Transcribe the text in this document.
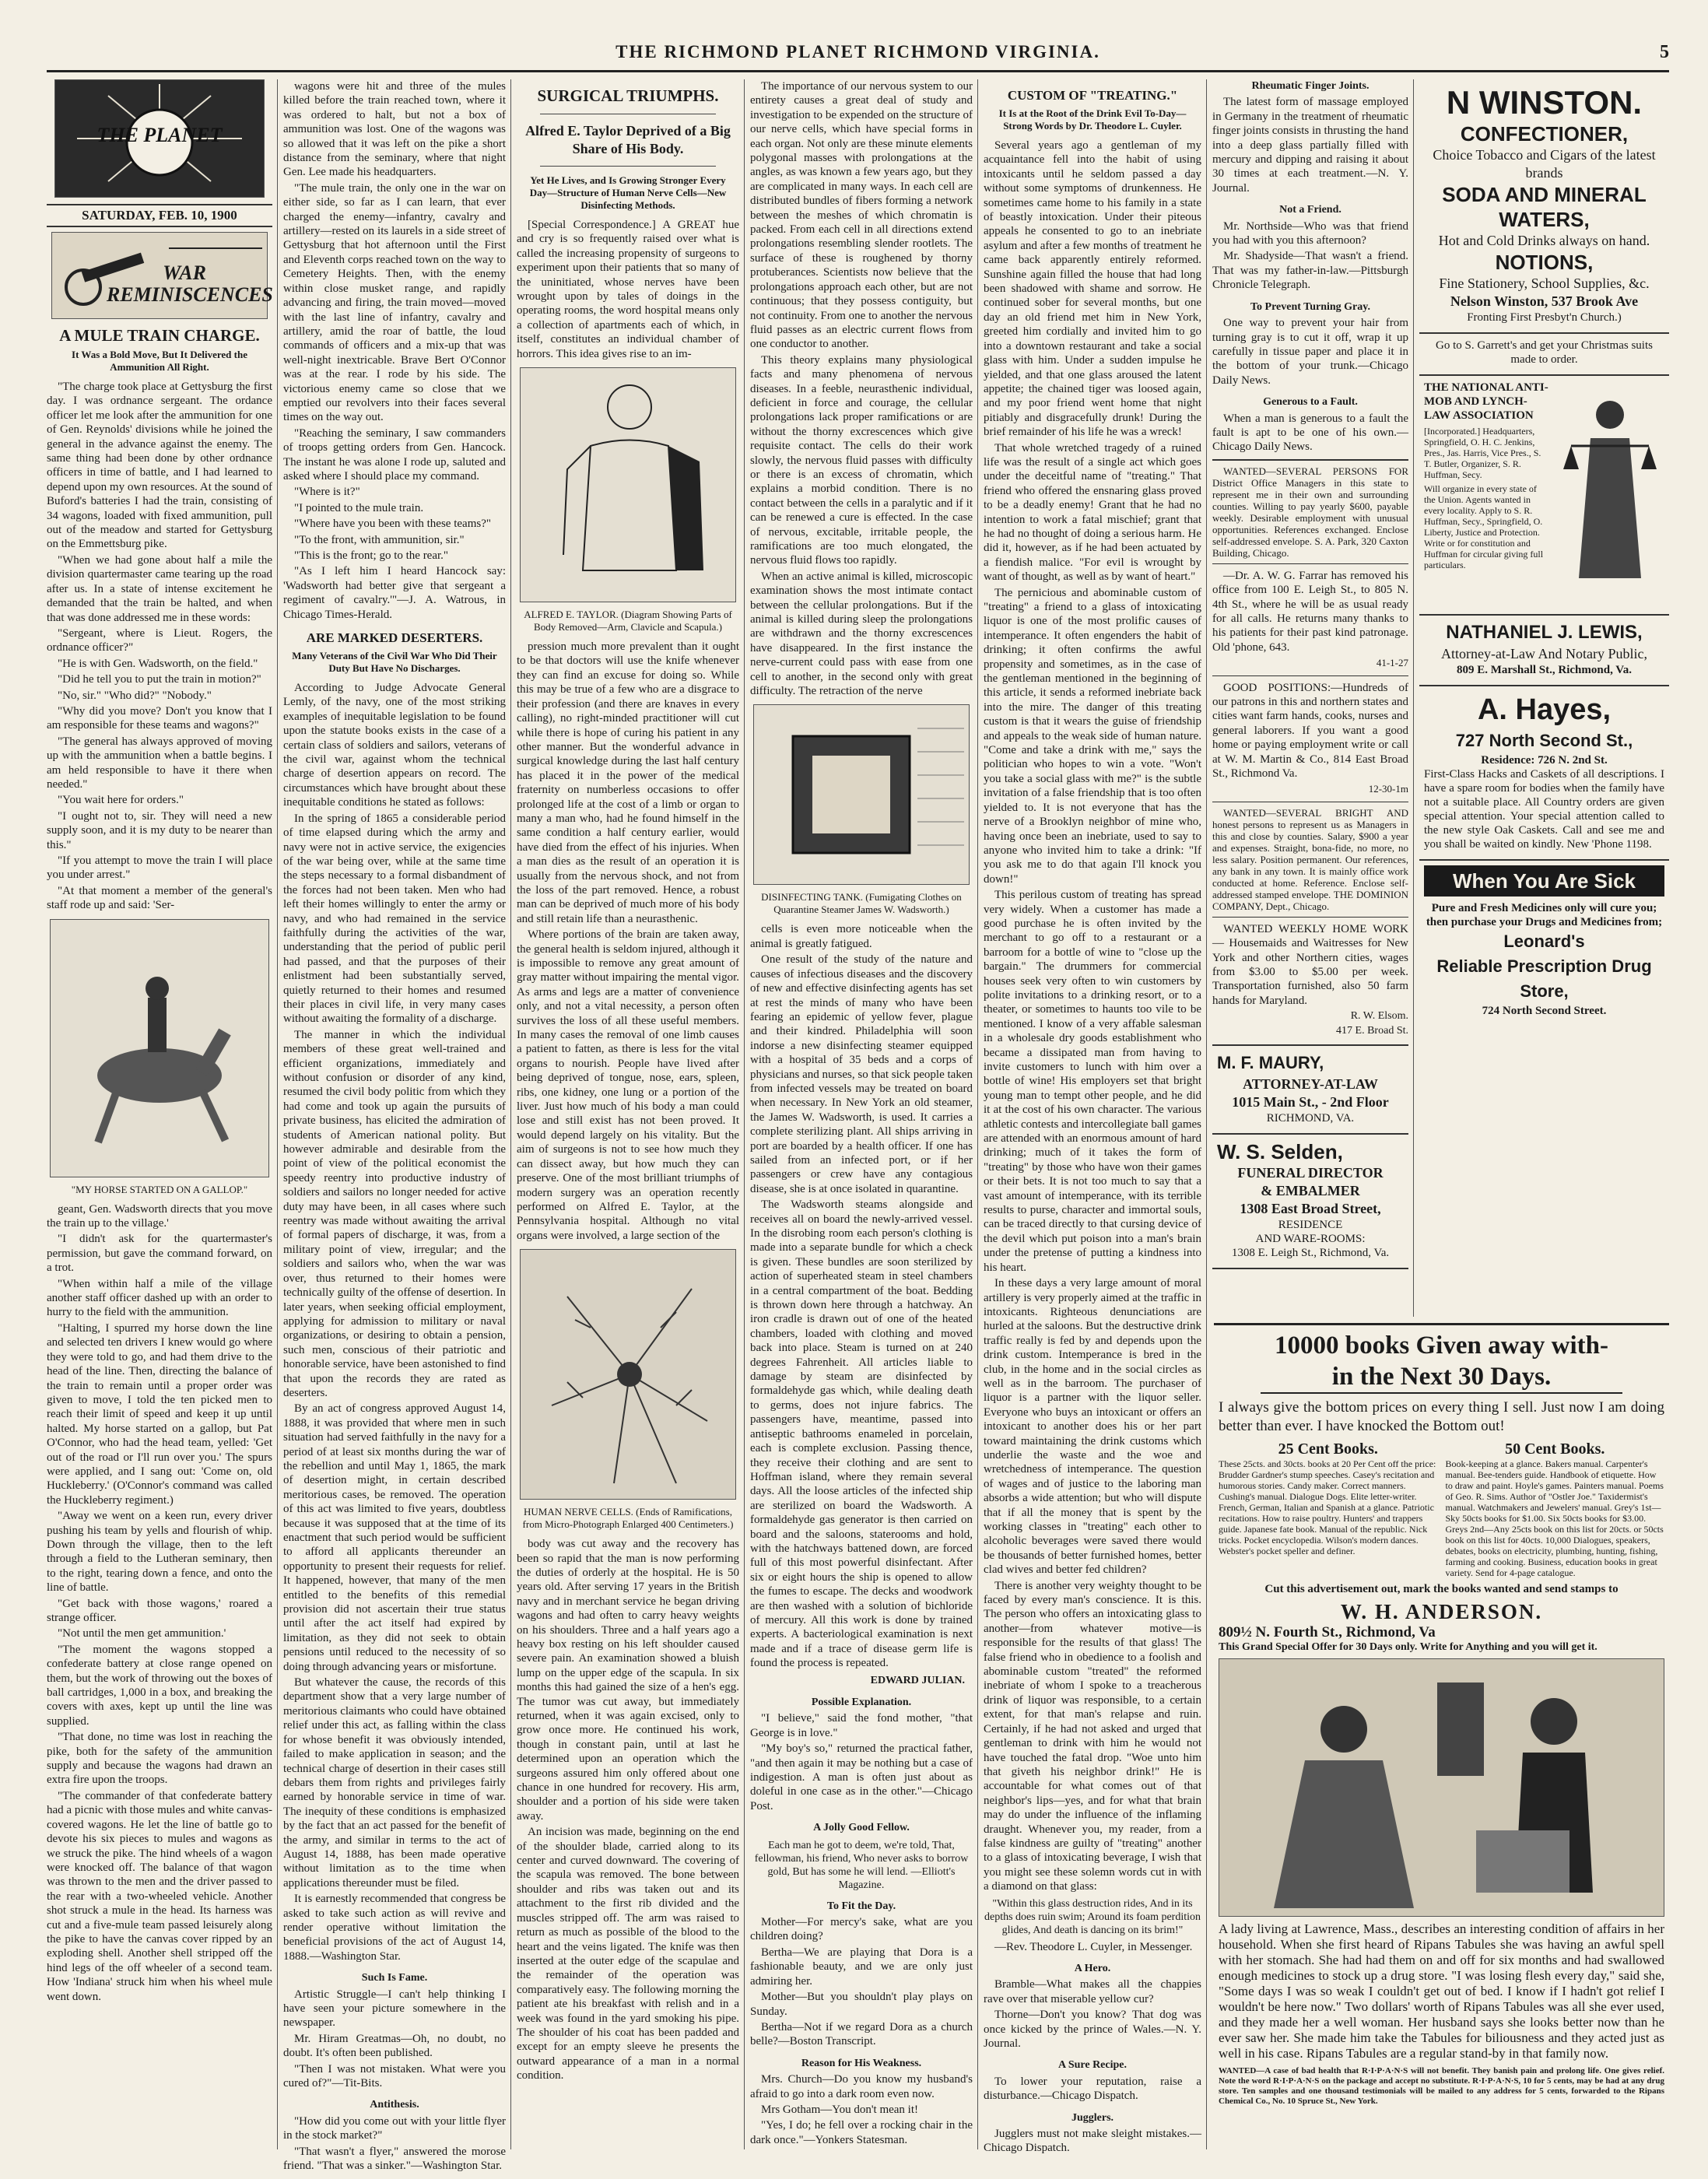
THE RICHMOND PLANET RICHMOND VIRGINIA.	5
THE PLANET
SATURDAY, FEB. 10, 1900
WAR REMINISCENCES
A MULE TRAIN CHARGE.
It Was a Bold Move, But It Delivered the Ammunition All Right.

"The charge took place at Gettysburg the first day. I was ordnance sergeant. The ordance officer let me look after the ammunition for one of Gen. Reynolds' divisions while he joined the general in the advance against the enemy. The same thing had been done by other ordnance officers in time of battle, and I had learned to depend upon my own resources. At the sound of Buford's batteries I had the train, consisting of 34 wagons, loaded with fixed ammunition, pull out of the meadow and started for Gettysburg on the Emmettsburg pike.

"When we had gone about half a mile the division quartermaster came tearing up the road after us. In a state of intense excitement he demanded that the train be halted, and when that was done addressed me in these words:

"Sergeant, where is Lieut. Rogers, the ordnance officer?"

"He is with Gen. Wadsworth, on the field."

"Did he tell you to put the train in motion?"

"No, sir." "Who did?" "Nobody."

"Why did you move? Don't you know that I am responsible for these teams and wagons?"

"The general has always approved of moving up with the ammunition when a battle begins. I am held responsible to have it there when needed."

"You wait here for orders."

"I ought not to, sir. They will need a new supply soon, and it is my duty to be nearer than this."

"If you attempt to move the train I will place you under arrest."

"At that moment a member of the general's staff rode up and said: 'Ser-

"MY HORSE STARTED ON A GALLOP."

geant, Gen. Wadsworth directs that you move the train up to the village.'

"I didn't ask for the quartermaster's permission, but gave the command forward, on a trot.

"When within half a mile of the village another staff officer dashed up with an order to hurry to the field with the ammunition.

"Halting, I spurred my horse down the line and selected ten drivers I knew would go where they were told to go, and had them drive to the head of the line. Then, directing the balance of the train to remain until a proper order was given to move, I told the ten picked men to reach their limit of speed and keep it up until halted. My horse started on a gallop, but Pat O'Connor, who had the head team, yelled: 'Get out of the road or I'll run over you.' The spurs were applied, and I sang out: 'Come on, old Huckleberry.' (O'Connor's command was called the Huckleberry regiment.)

"Away we went on a keen run, every driver pushing his team by yells and flourish of whip. Down through the village, then to the left through a field to the Lutheran seminary, then to the right, tearing down a fence, and onto the line of battle.

"Get back with those wagons,' roared a strange officer.

"Not until the men get ammunition.'

"The moment the wagons stopped a confederate battery at close range opened on them, but the work of throwing out the boxes of ball cartridges, 1,000 in a box, and breaking the covers with axes, kept up until the line was supplied.

"That done, no time was lost in reaching the pike, both for the safety of the ammunition supply and because the wagons had drawn an extra fire upon the troops.

"The commander of that confederate battery had a picnic with those mules and white canvas-covered wagons. He let the line of battle go to devote his six pieces to mules and wagons as we struck the pike. The hind wheels of a wagon were knocked off. The balance of that wagon was thrown to the men and the driver passed to the rear with a two-wheeled vehicle. Another shot struck a mule in the head. Its harness was cut and a five-mule team passed leisurely along the pike to have the canvas cover ripped by an exploding shell. Another shell stripped off the hind legs of the off wheeler of a second team. How 'Indiana' struck him when his wheel mule went down.

wagons were hit and three of the mules killed before the train reached town, where it was ordered to halt, but not a box of ammunition was lost. One of the wagons was so allowed that it was left on the pike a short distance from the seminary, where that night Gen. Lee made his headquarters.

"The mule train, the only one in the war on either side, so far as I can learn, that ever charged the enemy—infantry, cavalry and artillery—rested on its laurels in a side street of Gettysburg that hot afternoon until the First and Eleventh corps reached town on the way to Cemetery Heights. Then, with the enemy within close musket range, and rapidly advancing and firing, the train moved—moved with the last line of infantry, cavalry and artillery, amid the roar of battle, the loud commands of officers and a mix-up that was well-night inextricable. Brave Bert O'Connor was at the rear. I rode by his side. The victorious enemy came so close that we emptied our revolvers into their faces several times on the way out.

"Reaching the seminary, I saw commanders of troops getting orders from Gen. Hancock. The instant he was alone I rode up, saluted and asked where I should place my command.

"Where is it?"

"I pointed to the mule train.

"Where have you been with these teams?"

"To the front, with ammunition, sir."

"This is the front; go to the rear."

"As I left him I heard Hancock say: 'Wadsworth had better give that sergeant a regiment of cavalry.'"—J. A. Watrous, in Chicago Times-Herald.

ARE MARKED DESERTERS.
Many Veterans of the Civil War Who Did Their Duty But Have No Discharges.

According to Judge Advocate General Lemly, of the navy, one of the most striking examples of inequitable legislation to be found upon the statute books exists in the case of a certain class of soldiers and sailors, veterans of the civil war, against whom the technical charge of desertion appears on record. The circumstances which have brought about these inequitable conditions he stated as follows:

In the spring of 1865 a considerable period of time elapsed during which the army and navy were not in active service, the exigencies of the war being over, while at the same time the steps necessary to a formal disbandment of the forces had not been taken. Men who had left their homes willingly to enter the army or navy, and who had remained in the service faithfully during the activities of the war, understanding that the period of public peril had passed, and that the purposes of their enlistment had been substantially served, quietly returned to their homes and resumed their places in civil life, in very many cases without awaiting the formality of a discharge.

The manner in which the individual members of these great well-trained and efficient organizations, immediately and without confusion or disorder of any kind, resumed the civil body politic from which they had come and took up again the pursuits of private business, has elicited the admiration of students of American national polity. But however admirable and desirable from the point of view of the political economist the speedy reentry into productive industry of soldiers and sailors no longer needed for active duty may have been, in all cases where such reentry was made without awaiting the arrival of formal papers of discharge, it was, from a military point of view, irregular; and the soldiers and sailors who, when the war was over, thus returned to their homes were technically guilty of the offense of desertion. In later years, when seeking official employment, applying for admission to military or naval organizations, or desiring to obtain a pension, such men, conscious of their patriotic and honorable service, have been astonished to find that upon the records they are rated as deserters.

By an act of congress approved August 14, 1888, it was provided that where men in such situation had served faithfully in the navy for a period of at least six months during the war of the rebellion and until May 1, 1865, the mark of desertion might, in certain described meritorious cases, be removed. The operation of this act was limited to five years, doubtless because it was supposed that at the time of its enactment that such period would be sufficient to afford all applicants thereunder an opportunity to present their requests for relief. It happened, however, that many of the men entitled to the benefits of this remedial provision did not ascertain their true status until after the act itself had expired by limitation, as they did not seek to obtain pensions until reduced to the necessity of so doing through advancing years or misfortune.

But whatever the cause, the records of this department show that a very large number of meritorious claimants who could have obtained relief under this act, as falling within the class for whose benefit it was obviously intended, failed to make application in season; and the technical charge of desertion in their cases still debars them from rights and privileges fairly earned by honorable service in time of war. The inequity of these conditions is emphasized by the fact that an act passed for the benefit of the army, and similar in terms to the act of August 14, 1888, has been made operative without limitation as to the time when applications thereunder must be filed.

It is earnestly recommended that congress be asked to take such action as will revive and render operative without limitation the beneficial provisions of the act of August 14, 1888.—Washington Star.

Such Is Fame.

Artistic Struggle—I can't help thinking I have seen your picture somewhere in the newspaper.

Mr. Hiram Greatmas—Oh, no doubt, no doubt. It's often been published.

"Then I was not mistaken. What were you cured of?"—Tit-Bits.

Antithesis.

"How did you come out with your little flyer in the stock market?"

"That wasn't a flyer," answered the morose friend. "That was a sinker."—Washington Star.

SURGICAL TRIUMPHS.
Alfred E. Taylor Deprived of a Big Share of His Body.
Yet He Lives, and Is Growing Stronger Every Day—Structure of Human Nerve Cells—New Disinfecting Methods.

[Special Correspondence.] A GREAT hue and cry is so frequently raised over what is called the increasing propensity of surgeons to experiment upon their patients that so many of the uninitiated, whose nerves have been wrought upon by tales of doings in the operating rooms, the word hospital means only a collection of apartments each of which, in itself, constitutes an individual chamber of horrors. This idea gives rise to an im-

ALFRED E. TAYLOR. (Diagram Showing Parts of Body Removed—Arm, Clavicle and Scapula.)

pression much more prevalent than it ought to be that doctors will use the knife whenever they can find an excuse for doing so. While this may be true of a few who are a disgrace to their profession (and there are knaves in every calling), no right-minded practitioner will cut while there is hope of curing his patient in any other manner. But the wonderful advance in surgical knowledge during the last half century has placed it in the power of the medical fraternity on numberless occasions to offer prolonged life at the cost of a limb or organ to many a man who, had he found himself in the same condition a half century earlier, would have died from the effect of his injuries. When a man dies as the result of an operation it is usually from the nervous shock, and not from the loss of the part removed. Hence, a robust man can be deprived of much more of his body and still retain life than a neurasthenic.

Where portions of the brain are taken away, the general health is seldom injured, although it is impossible to remove any great amount of gray matter without impairing the mental vigor. As arms and legs are a matter of convenience only, and not a vital necessity, a person often survives the loss of all these useful members. In many cases the removal of one limb causes a patient to fatten, as there is less for the vital organs to nourish. People have lived after being deprived of tongue, nose, ears, spleen, ribs, one kidney, one lung or a portion of the liver. Just how much of his body a man could lose and still exist has not been proved. It would depend largely on his vitality. But the aim of surgeons is not to see how much they can dissect away, but how much they can preserve. One of the most brilliant triumphs of modern surgery was an operation recently performed on Alfred E. Taylor, at the Pennsylvania hospital. Although no vital organs were involved, a large section of the

HUMAN NERVE CELLS. (Ends of Ramifications, from Micro-Photograph Enlarged 400 Centimeters.)

body was cut away and the recovery has been so rapid that the man is now performing the duties of orderly at the hospital. He is 50 years old. After serving 17 years in the British navy and in merchant service he began driving wagons and had often to carry heavy weights on his shoulders. Three and a half years ago a heavy box resting on his left shoulder caused severe pain. An examination showed a bluish lump on the upper edge of the scapula. In six months this had gained the size of a hen's egg. The tumor was cut away, but immediately returned, when it was again excised, only to grow once more. He continued his work, though in constant pain, until at last he determined upon an operation which the surgeons assured him only offered about one chance in one hundred for recovery. His arm, shoulder and a portion of his side were taken away.

An incision was made, beginning on the end of the shoulder blade, carried along to its center and curved downward. The covering of the scapula was removed. The bone between shoulder and ribs was taken out and its attachment to the first rib divided and the muscles stripped off. The arm was raised to return as much as possible of the blood to the heart and the veins ligated. The knife was then inserted at the outer edge of the scapulae and the remainder of the operation was comparatively easy. The following morning the patient ate his breakfast with relish and in a week was found in the yard smoking his pipe. The shoulder of his coat has been padded and except for an empty sleeve he presents the outward appearance of a man in a normal condition.

The importance of our nervous system to our entirety causes a great deal of study and investigation to be expended on the structure of our nerve cells, which have special forms in each organ. Not only are these minute elements polygonal masses with prolongations at the angles, as was known a few years ago, but they are complicated in many ways. In each cell are distributed bundles of fibers forming a network between the meshes of which chromatin is packed. From each cell in all directions extend prolongations resembling slender rootlets. The surface of these is roughened by thorny protuberances. Scientists now believe that the prolongations approach each other, but are not continuous; that they possess contiguity, but not continuity. From one to another the nervous fluid passes as an electric current flows from one conductor to another.

This theory explains many physiological facts and many phenomena of nervous diseases. In a feeble, neurasthenic individual, deficient in force and courage, the cellular prolongations lack proper ramifications or are without the thorny excrescences which give requisite contact. The cells do their work slowly, the nervous fluid passes with difficulty or there is an excess of chromatin, which explains a morbid condition. There is no contact between the cells in a paralytic and if it can be renewed a cure is effected. In the case of nervous, excitable, irritable people, the ramifications are too much elongated, the nervous fluid flows too rapidly.

When an active animal is killed, microscopic examination shows the most intimate contact between the cellular prolongations. But if the animal is killed during sleep the prolongations are withdrawn and the thorny excrescences have disappeared. In the first instance the nerve-current could pass with ease from one cell to another, in the second only with great difficulty. The retraction of the nerve

DISINFECTING TANK. (Fumigating Clothes on Quarantine Steamer James W. Wadsworth.)

cells is even more noticeable when the animal is greatly fatigued.

One result of the study of the nature and causes of infectious diseases and the discovery of new and effective disinfecting agents has set at rest the minds of many who have been fearing an epidemic of yellow fever, plague and their kindred. Philadelphia will soon indorse a new disinfecting steamer equipped with a hospital of 35 beds and a corps of physicians and nurses, so that sick people taken from infected vessels may be treated on board when necessary. In New York an old steamer, the James W. Wadsworth, is used. It carries a complete sterilizing plant. All ships arriving in port are boarded by a health officer. If one has sailed from an infected port, or if her passengers or crew have any contagious disease, she is at once isolated in quarantine.

The Wadsworth steams alongside and receives all on board the newly-arrived vessel. In the disrobing room each person's clothing is made into a separate bundle for which a check is given. These bundles are soon sterilized by action of superheated steam in steel chambers in a central compartment of the boat. Bedding is thrown down here through a hatchway. An iron cradle is drawn out of one of the heated chambers, loaded with clothing and moved back into place. Steam is turned on at 240 degrees Fahrenheit. All articles liable to damage by steam are disinfected by formaldehyde gas which, while dealing death to germs, does not injure fabrics. The passengers have, meantime, passed into antiseptic bathrooms enameled in porcelain, each is complete exclusion. Passing thence, they receive their clothing and are sent to Hoffman island, where they remain several days. All the loose articles of the infected ship are sterilized on board the Wadsworth. A formaldehyde gas generator is then carried on board and the saloons, staterooms and hold, with the hatchways battened down, are forced full of this most powerful disinfectant. After six or eight hours the ship is opened to allow the fumes to escape. The decks and woodwork are then washed with a solution of bichloride of mercury. All this work is done by trained experts. A bacteriological examination is next made and if a trace of disease germ life is found the process is repeated.

EDWARD JULIAN.
Possible Explanation.

"I believe," said the fond mother, "that George is in love."

"My boy's so," returned the practical father, "and then again it may be nothing but a case of indigestion. A man is often just about as doleful in one case as in the other."—Chicago Post.

A Jolly Good Fellow.
Each man he got to deem, we're told, That, fellowman, his friend, Who never asks to borrow gold, But has some he will lend. —Elliott's Magazine.
To Fit the Day.

Mother—For mercy's sake, what are you children doing?

Bertha—We are playing that Dora is a fashionable beauty, and we are only just admiring her.

Mother—But you shouldn't play plays on Sunday.

Bertha—Not if we regard Dora as a church belle?—Boston Transcript.

Reason for His Weakness.

Mrs. Church—Do you know my husband's afraid to go into a dark room even now.

Mrs Gotham—You don't mean it!

"Yes, I do; he fell over a rocking chair in the dark once."—Yonkers Statesman.

CUSTOM OF "TREATING."
It Is at the Root of the Drink Evil To-Day—Strong Words by Dr. Theodore L. Cuyler.

Several years ago a gentleman of my acquaintance fell into the habit of using intoxicants until he seldom passed a day without some symptoms of drunkenness. He sometimes came home to his family in a state of beastly intoxication. Under their piteous appeals he consented to go to an inebriate asylum and after a few months of treatment he came back apparently entirely reformed. Sunshine again filled the house that had long been shadowed with shame and sorrow. He continued sober for several months, but one day an old friend met him in New York, greeted him cordially and invited him to go into a downtown restaurant and take a social glass with him. Under a sudden impulse he yielded, and that one glass aroused the latent appetite; the chained tiger was loosed again, and my poor friend went home that night pitiably and disgracefully drunk! During the brief remainder of his life he was a wreck!

That whole wretched tragedy of a ruined life was the result of a single act which goes under the deceitful name of "treating." That friend who offered the ensnaring glass proved to be a deadly enemy! Grant that he had no intention to work a fatal mischief; grant that he had no thought of doing a serious harm. He did it, however, as if he had been actuated by a fiendish malice. "For evil is wrought by want of thought, as well as by want of heart."

The pernicious and abominable custom of "treating" a friend to a glass of intoxicating liquor is one of the most prolific causes of intemperance. It often engenders the habit of drinking; it often confirms the awful propensity and sometimes, as in the case of the gentleman mentioned in the beginning of this article, it sends a reformed inebriate back into the mire. The danger of this treating custom is that it wears the guise of friendship and appeals to the weak side of human nature. "Come and take a drink with me," says the politician who hopes to win a vote. "Won't you take a social glass with me?" is the subtle invitation of a false friendship that is too often yielded to. It is not everyone that has the nerve of a Brooklyn neighbor of mine who, having once been an inebriate, used to say to anyone who invited him to take a drink: "If you ask me to do that again I'll knock you down!"

This perilous custom of treating has spread very widely. When a customer has made a good purchase he is often invited by the merchant to go off to a restaurant or a barroom for a bottle of wine to "close up the bargain." The drummers for commercial houses seek very often to win customers by polite invitations to a drinking resort, or to a theater, or sometimes to haunts too vile to be mentioned. I know of a very affable salesman in a wholesale dry goods establishment who became a dissipated man from having to invite customers to lunch with him over a bottle of wine! His employers set that bright young man to tempt other people, and he did it at the cost of his own character. The various athletic contests and intercollegiate ball games are attended with an enormous amount of hard drinking; much of it takes the form of "treating" by those who have won their games or their bets. It is not too much to say that a vast amount of intemperance, with its terrible results to purse, character and immortal souls, can be traced directly to that cursing device of the devil which put poison into a man's brain under the pretense of putting a kindness into his heart.

In these days a very large amount of moral artillery is very properly aimed at the traffic in intoxicants. Righteous denunciations are hurled at the saloons. But the destructive drink traffic really is fed by and depends upon the drink custom. Intemperance is bred in the club, in the home and in the social circles as well as in the barroom. The purchaser of liquor is a partner with the liquor seller. Everyone who buys an intoxicant or offers an intoxicant to another does his or her part toward maintaining the drink customs which underlie the waste and the woe and wretchedness of intemperance. The question of wages and of justice to the laboring man absorbs a wide attention; but who will dispute that if all the money that is spent by the working classes in "treating" each other to alcoholic beverages were saved there would be thousands of better furnished homes, better clad wives and better fed children?

There is another very weighty thought to be faced by every man's conscience. It is this. The person who offers an intoxicating glass to another—from whatever motive—is responsible for the results of that glass! The false friend who in obedience to a foolish and abominable custom "treated" the reformed inebriate of whom I spoke to a treacherous drink of liquor was responsible, to a certain extent, for that man's relapse and ruin. Certainly, if he had not asked and urged that gentleman to drink with him he would not have touched the fatal drop. "Woe unto him that giveth his neighbor drink!" He is accountable for what comes out of that neighbor's lips—yes, and for what that brain may do under the influence of the inflaming draught. Whenever you, my reader, from a false kindness are guilty of "treating" another to a glass of intoxicating beverage, I wish that you might see these solemn words cut in with a diamond on that glass:

"Within this glass destruction rides, And in its depths does ruin swim; Around its foam perdition glides, And death is dancing on its brim!"

—Rev. Theodore L. Cuyler, in Messenger.

A Hero.

Bramble—What makes all the chappies rave over that miserable yellow cur?

Thorne—Don't you know? That dog was once kicked by the prince of Wales.—N. Y. Journal.

A Sure Recipe.

To lower your reputation, raise a disturbance.—Chicago Dispatch.

Jugglers.

Jugglers must not make sleight mistakes.—Chicago Dispatch.

Rheumatic Finger Joints.

The latest form of massage employed in Germany in the treatment of rheumatic finger joints consists in thrusting the hand into a deep glass partially filled with mercury and dipping and raising it about 30 times at each treatment.—N. Y. Journal.

Not a Friend.

Mr. Northside—Who was that friend you had with you this afternoon?

Mr. Shadyside—That wasn't a friend. That was my father-in-law.—Pittsburgh Chronicle Telegraph.

To Prevent Turning Gray.

One way to prevent your hair from turning gray is to cut it off, wrap it up carefully in tissue paper and place it in the bottom of your trunk.—Chicago Daily News.

Generous to a Fault.

When a man is generous to a fault the fault is apt to be one of his own.—Chicago Daily News.

WANTED—SEVERAL PERSONS FOR District Office Managers in this state to represent me in their own and surrounding counties. Willing to pay yearly $600, payable weekly. Desirable employment with unusual opportunities. References exchanged. Enclose self-addressed envelope. S. A. Park, 320 Caxton Building, Chicago.

—Dr. A. W. G. Farrar has removed his office from 100 E. Leigh St., to 805 N. 4th St., where he will be as usual ready for all calls. He returns many thanks to his patients for their past kind patronage. Old 'phone, 643.

41-1-27

GOOD POSITIONS:—Hundreds of our patrons in this and northern states and cities want farm hands, cooks, nurses and general laborers. If you want a good home or paying employment write or call at W. M. Martin & Co., 814 East Broad St., Richmond Va.

12-30-1m

WANTED—SEVERAL BRIGHT AND honest persons to represent us as Managers in this and close by counties. Salary, $900 a year and expenses. Straight, bona-fide, no more, no less salary. Position permanent. Our references, any bank in any town. It is mainly office work conducted at home. Reference. Enclose self-addressed stamped envelope. THE DOMINION COMPANY, Dept., Chicago.

WANTED WEEKLY HOME WORK — Housemaids and Waitresses for New York and other Northern cities, wages from $3.00 to $5.00 per week. Transportation furnished, also 50 farm hands for Maryland.

R. W. Elsom.
417 E. Broad St.
M. F. MAURY,
ATTORNEY-AT-LAW
1015 Main St., - 2nd Floor
RICHMOND, VA.
W. S. Selden,
FUNERAL DIRECTOR
& EMBALMER
1308 East Broad Street,
RESIDENCE
AND WARE-ROOMS:
1308 E. Leigh St., Richmond, Va.
N WINSTON.
CONFECTIONER,
Choice Tobacco and Cigars of the latest brands
SODA AND MINERAL WATERS,
Hot and Cold Drinks always on hand.
NOTIONS,
Fine Stationery, School Supplies, &c.
Nelson Winston, 537 Brook Ave
Fronting First Presbyt'n Church.)
Go to S. Garrett's and get your Christmas suits made to order.
THE NATIONAL ANTI-MOB AND LYNCH-LAW ASSOCIATION
[Incorporated.] Headquarters, Springfield, O. H. C. Jenkins, Pres., Jas. Harris, Vice Pres., S. T. Butler, Organizer, S. R. Huffman, Secy.
Will organize in every state of the Union. Agents wanted in every locality. Apply to S. R. Huffman, Secy., Springfield, O. Liberty, Justice and Protection. Write or for constitution and Huffman for circular giving full particulars.
NATHANIEL J. LEWIS,
Attorney-at-Law And Notary Public,
809 E. Marshall St., Richmond, Va.
A. Hayes,
727 North Second St.,
Residence: 726 N. 2nd St.
First-Class Hacks and Caskets of all descriptions. I have a spare room for bodies when the family have not a suitable place. All Country orders are given special attention. Your special attention called to the new style Oak Caskets. Call and see me and you shall be waited on kindly. New 'Phone 1198.
When You Are Sick
Pure and Fresh Medicines only will cure you; then purchase your Drugs and Medicines from;
Leonard's
Reliable Prescription Drug Store,
724 North Second Street.
10000 books Given away with-
in the Next 30 Days.
I always give the bottom prices on every thing I sell. Just now I am doing better than ever. I have knocked the Bottom out!
25 Cent Books.
These 25cts. and 30cts. books at 20 Per Cent off the price: Brudder Gardner's stump speeches. Casey's recitation and humorous stories. Candy maker. Correct manners. Cushing's manual. Dialogue Dogs. Elite letter-writer. French, German, Italian and Spanish at a glance. Patriotic recitations. How to raise poultry. Hunters' and trappers guide. Japanese fate book. Manual of the republic. Nick tricks. Pocket encyclopedia. Wilson's modern dances. Webster's pocket speller and definer.
50 Cent Books.
Book-keeping at a glance. Bakers manual. Carpenter's manual. Bee-tenders guide. Handbook of etiquette. How to draw and paint. Hoyle's games. Painters manual. Poems of Geo. R. Sims. Author of "Ostler Joe." Taxidermist's manual. Watchmakers and Jewelers' manual. Grey's 1st—Sky 50cts books for $1.00. Six 50cts books for $3.00. Greys 2nd—Any 25cts book on this list for 20cts. or 50cts book on this list for 40cts. 10,000 Dialogues, speakers, debates, books on electricity, plumbing, hunting, fishing, farming and cooking. Business, education books in great variety. Send for 4-page catalogue.
Cut this advertisement out, mark the books wanted and send stamps to
W. H. ANDERSON.
809½ N. Fourth St., Richmond, Va
This Grand Special Offer for 30 Days only. Write for Anything and you will get it.
A lady living at Lawrence, Mass., describes an interesting condition of affairs in her household. When she first heard of Ripans Tabules she was having an awful spell with her stomach. She had had them on and off for six months and had swallowed enough medicines to stock up a drug store. "I was losing flesh every day," said she, "Some days I was so weak I couldn't get out of bed. I know if I hadn't got relief I wouldn't be here now." Two dollars' worth of Ripans Tabules was all she ever used, and they made her a well woman. Her husband says she looks better now than he ever saw her. She made him take the Tabules for biliousness and they acted just as well in his case. Ripans Tabules are a regular stand-by in that family now.
WANTED—A case of bad health that R·I·P·A·N·S will not benefit. They banish pain and prolong life. One gives relief. Note the word R·I·P·A·N·S on the package and accept no substitute. R·I·P·A·N·S, 10 for 5 cents, may be had at any drug store. Ten samples and one thousand testimonials will be mailed to any address for 5 cents, forwarded to the Ripans Chemical Co., No. 10 Spruce St., New York.
